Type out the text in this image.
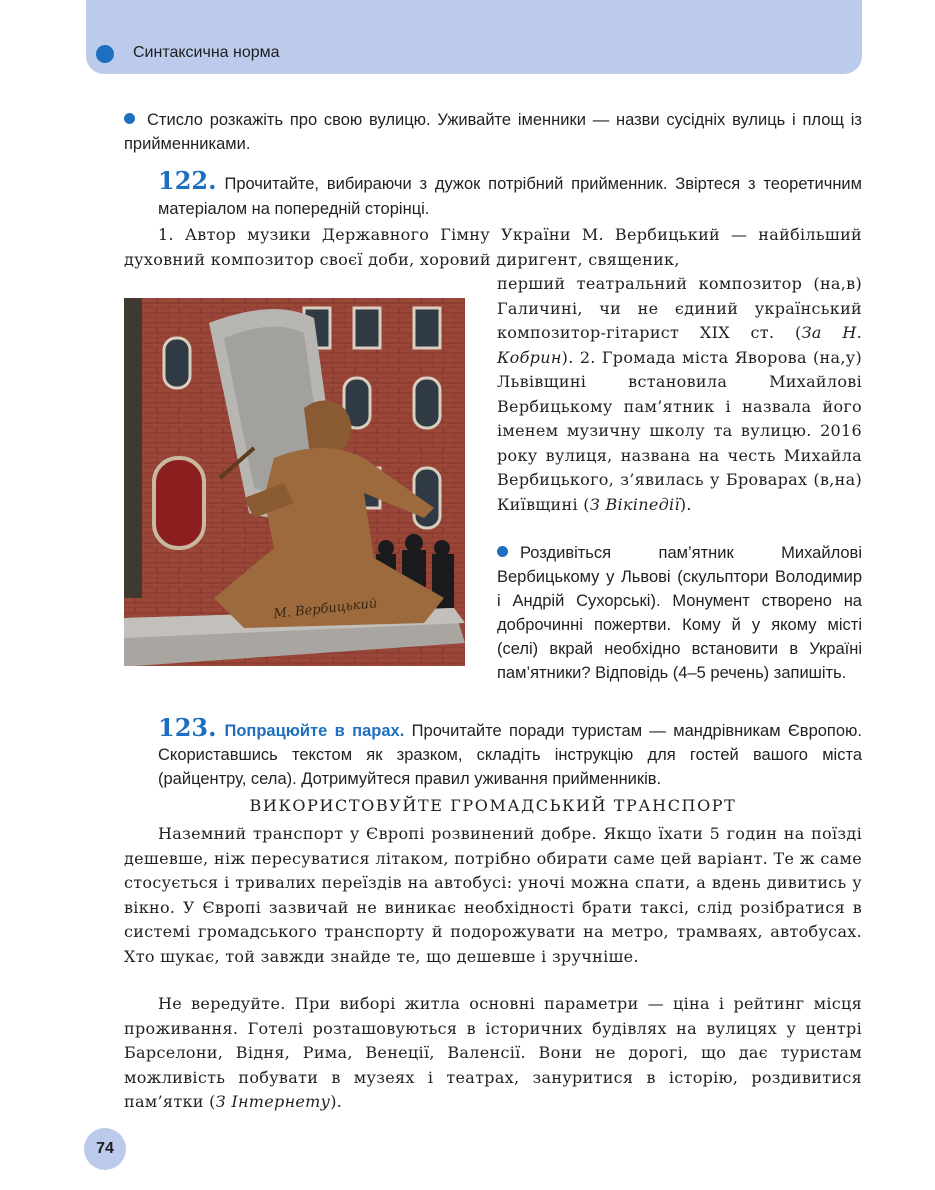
Синтаксична норма
Стисло розкажіть про свою вулицю. Уживайте іменники — назви сусідніх вулиць і площ із прийменниками.
122. Прочитайте, вибираючи з дужок потрібний прийменник. Звіртеся з теоретичним матеріалом на попередній сторінці.
1. Автор музики Державного Гімну України М. Вербицький — найбільший духовний композитор своєї доби, хоровий диригент, священик,
перший театральний композитор (на,в) Галичині, чи не єдиний український композитор-гітарист XIX ст. (За Н. Кобрин). 2. Громада міста Яворова (на,у) Львівщині встановила Михайлові Вербицькому пам’ятник і назвала його іменем музичну школу та вулицю. 2016 року вулиця, названа на честь Михайла Вербицького, з’явилась у Броварах (в,на) Київщині (З Вікіпедії).
М. Вербицький
Роздивіться пам’ятник Михайлові Вербицькому у Львові (скульптори Володимир і Андрій Сухорські). Монумент створено на доброчинні пожертви. Кому й у якому місті (селі) вкрай необхідно встановити в Україні пам’ятники? Відповідь (4–5 речень) запишіть.
123. Попрацюйте в парах. Прочитайте поради туристам — мандрівникам Європою. Скориставшись текстом як зразком, складіть інструкцію для гостей вашого міста (райцентру, села). Дотримуйтеся правил уживання прийменників.
ВИКОРИСТОВУЙТЕ ГРОМАДСЬКИЙ ТРАНСПОРТ
Наземний транспорт у Європі розвинений добре. Якщо їхати 5 годин на поїзді дешевше, ніж пересуватися літаком, потрібно обирати саме цей варіант. Те ж саме стосується і тривалих переїздів на автобусі: уночі можна спати, а вдень дивитись у вікно. У Європі зазвичай не виникає необхідності брати таксі, слід розібратися в системі громадського транспорту й подорожувати на метро, трамваях, автобусах. Хто шукає, той завжди знайде те, що дешевше і зручніше.
Не вередуйте. При виборі житла основні параметри — ціна і рейтинг місця проживання. Готелі розташовуються в історичних будівлях на вулицях у центрі Барселони, Відня, Рима, Венеції, Валенсії. Вони не дорогі, що дає туристам можливість побувати в музеях і театрах, зануритися в історію, роздивитися пам’ятки (З Інтернету).
74
